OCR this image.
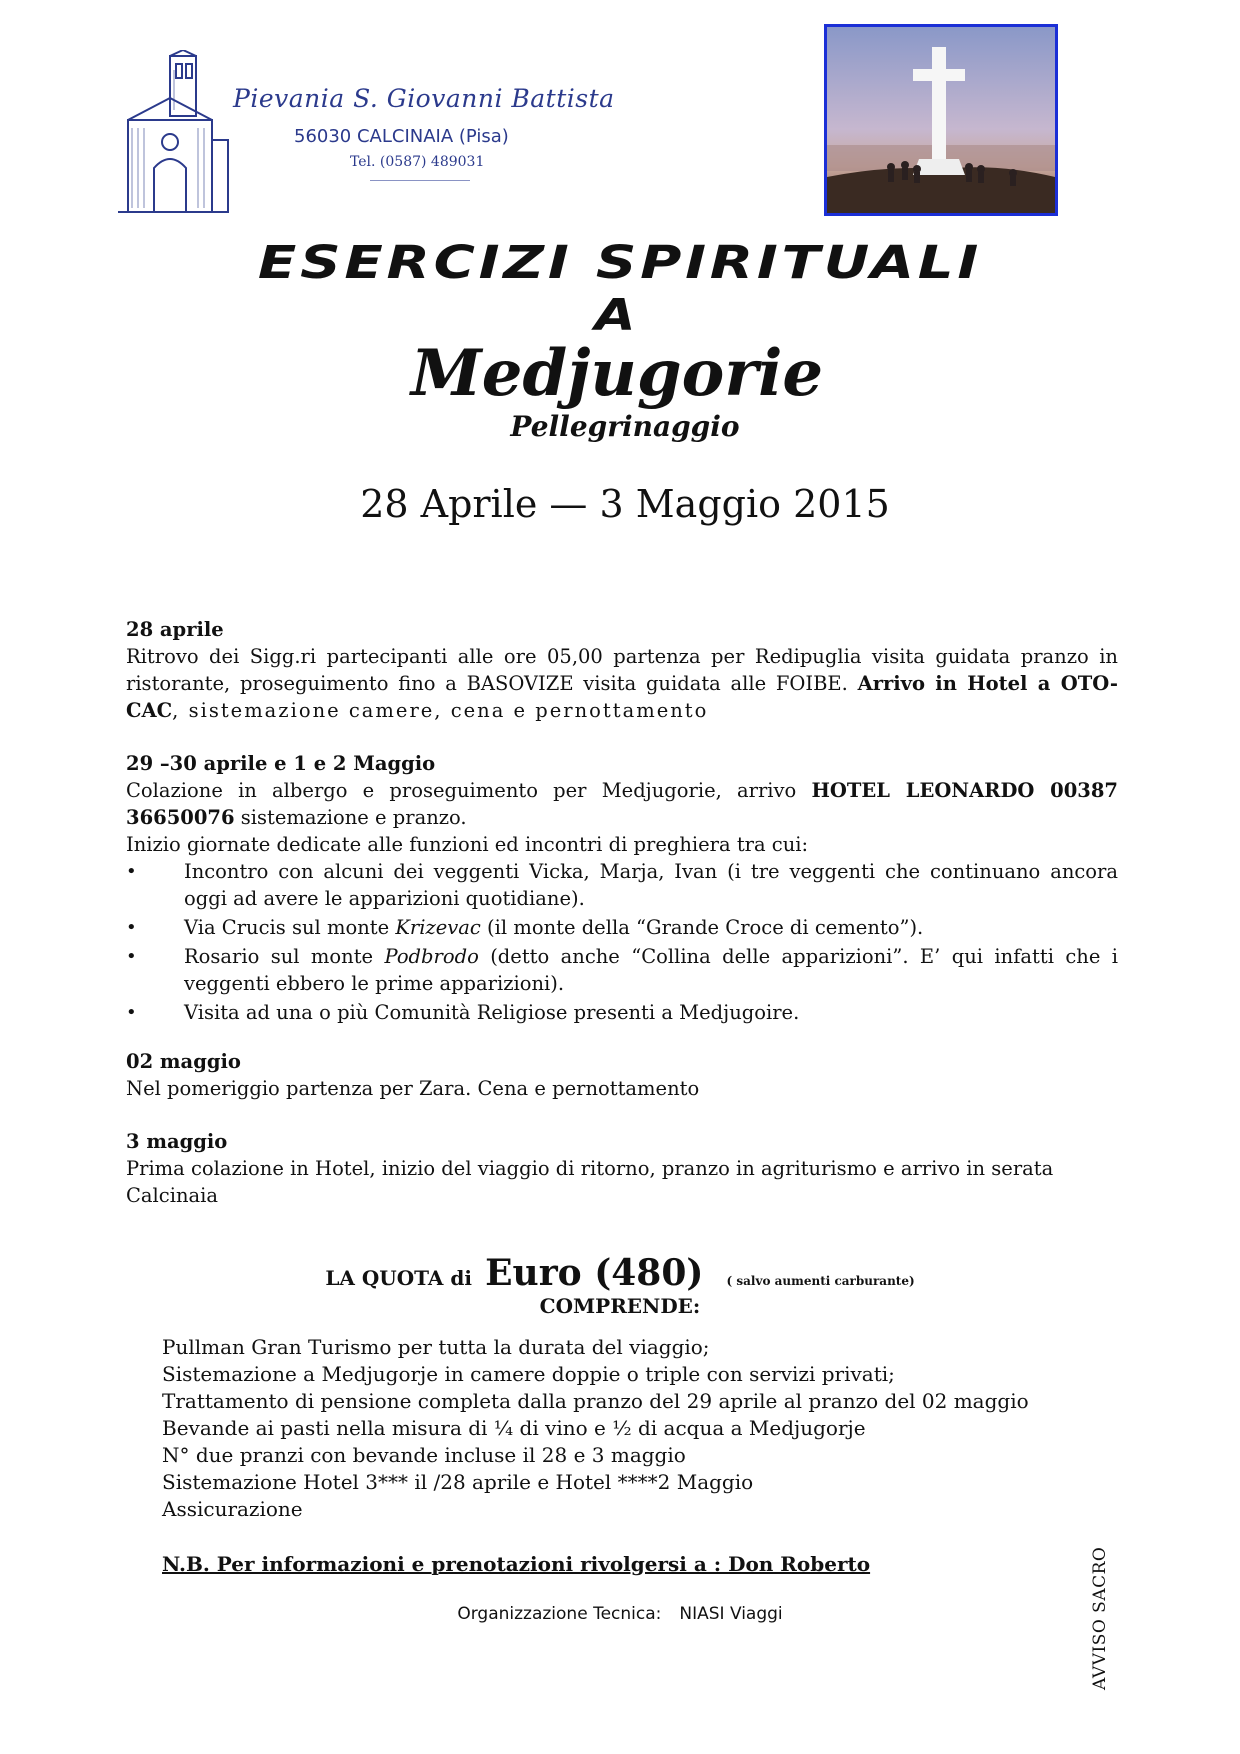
Pievania S. Giovanni Battista
56030 CALCINAIA (Pisa)
Tel. (0587) 489031
ESERCIZI SPIRITUALI
A
Medjugorie
Pellegrinaggio
28 Aprile — 3 Maggio 2015
28 aprile
Ritrovo dei Sigg.ri partecipanti alle ore 05,00 partenza per Redipuglia visita guidata pranzo in ristorante, proseguimento fino a BASOVIZE visita guidata alle FOIBE. Arrivo in Hotel a OTO-CAC, sistemazione camere, cena e pernottamento
29 –30 aprile e 1 e 2 Maggio
Colazione in albergo e proseguimento per Medjugorie, arrivo HOTEL LEONARDO 00387 36650076 sistemazione e pranzo.
Inizio giornate dedicate alle funzioni ed incontri di preghiera tra cui:
• Incontro con alcuni dei veggenti Vicka, Marja, Ivan (i tre veggenti che continuano ancora oggi ad avere le apparizioni quotidiane).
• Via Crucis sul monte Krizevac (il monte della “Grande Croce di cemento”).
• Rosario sul monte Podbrodo (detto anche “Collina delle apparizioni”. E’ qui infatti che i veggenti ebbero le prime apparizioni).
• Visita ad una o più Comunità Religiose presenti a Medjugoire.
02 maggio
Nel pomeriggio partenza per Zara. Cena e pernottamento
3 maggio
Prima colazione in Hotel, inizio del viaggio di ritorno, pranzo in agriturismo e arrivo in serata Calcinaia
LA QUOTA di Euro (480) ( salvo aumenti carburante)
COMPRENDE:
Pullman Gran Turismo per tutta la durata del viaggio;
Sistemazione a Medjugorje in camere doppie o triple con servizi privati;
Trattamento di pensione completa dalla pranzo del 29 aprile al pranzo del 02 maggio
Bevande ai pasti nella misura di ¼ di vino e ½ di acqua a Medjugorje
N° due pranzi con bevande incluse il 28 e 3 maggio
Sistemazione Hotel 3*** il /28 aprile e Hotel ****2 Maggio
Assicurazione
N.B. Per informazioni e prenotazioni rivolgersi a : Don Roberto
Organizzazione Tecnica: NIASI Viaggi	AVVISO SACRO
